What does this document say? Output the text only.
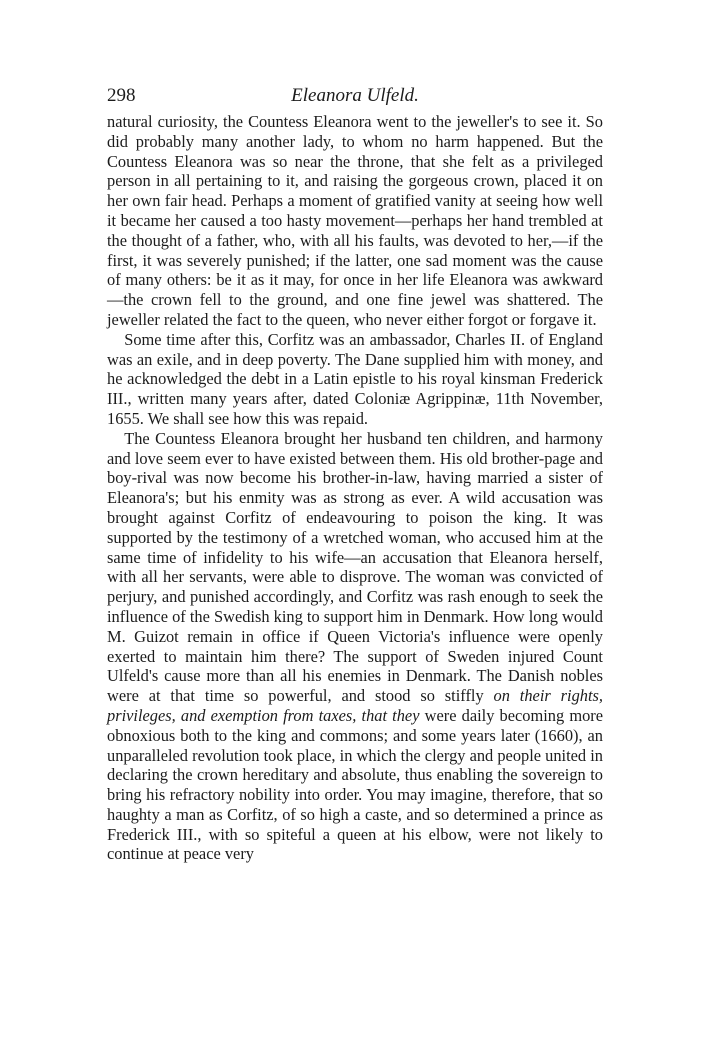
298	Eleanora Ulfeld.

natural curiosity, the Countess Eleanora went to the jeweller's to see it. So did probably many another lady, to whom no harm happened. But the Countess Eleanora was so near the throne, that she felt as a privileged person in all pertaining to it, and raising the gorgeous crown, placed it on her own fair head. Perhaps a moment of gratified vanity at seeing how well it became her caused a too hasty movement—perhaps her hand trembled at the thought of a father, who, with all his faults, was devoted to her,—if the first, it was severely punished; if the latter, one sad moment was the cause of many others: be it as it may, for once in her life Eleanora was awkward—the crown fell to the ground, and one fine jewel was shattered. The jeweller related the fact to the queen, who never either forgot or forgave it.

Some time after this, Corfitz was an ambassador, Charles II. of England was an exile, and in deep poverty. The Dane supplied him with money, and he acknowledged the debt in a Latin epistle to his royal kinsman Frederick III., written many years after, dated Coloniæ Agrippinæ, 11th November, 1655. We shall see how this was repaid.

The Countess Eleanora brought her husband ten children, and harmony and love seem ever to have existed between them. His old brother-page and boy-rival was now become his brother-in-law, having married a sister of Eleanora's; but his enmity was as strong as ever. A wild accusation was brought against Corfitz of endeavouring to poison the king. It was supported by the testimony of a wretched woman, who accused him at the same time of infidelity to his wife—an accusation that Eleanora herself, with all her servants, were able to disprove. The woman was convicted of perjury, and punished accordingly, and Corfitz was rash enough to seek the influence of the Swedish king to support him in Denmark. How long would M. Guizot remain in office if Queen Victoria's influence were openly exerted to maintain him there? The support of Sweden injured Count Ulfeld's cause more than all his enemies in Denmark. The Danish nobles were at that time so powerful, and stood so stiffly on their rights, privileges, and exemption from taxes, that they were daily becoming more obnoxious both to the king and commons; and some years later (1660), an unparalleled revolution took place, in which the clergy and people united in declaring the crown hereditary and absolute, thus enabling the sovereign to bring his refractory nobility into order. You may imagine, therefore, that so haughty a man as Corfitz, of so high a caste, and so determined a prince as Frederick III., with so spiteful a queen at his elbow, were not likely to continue at peace very
